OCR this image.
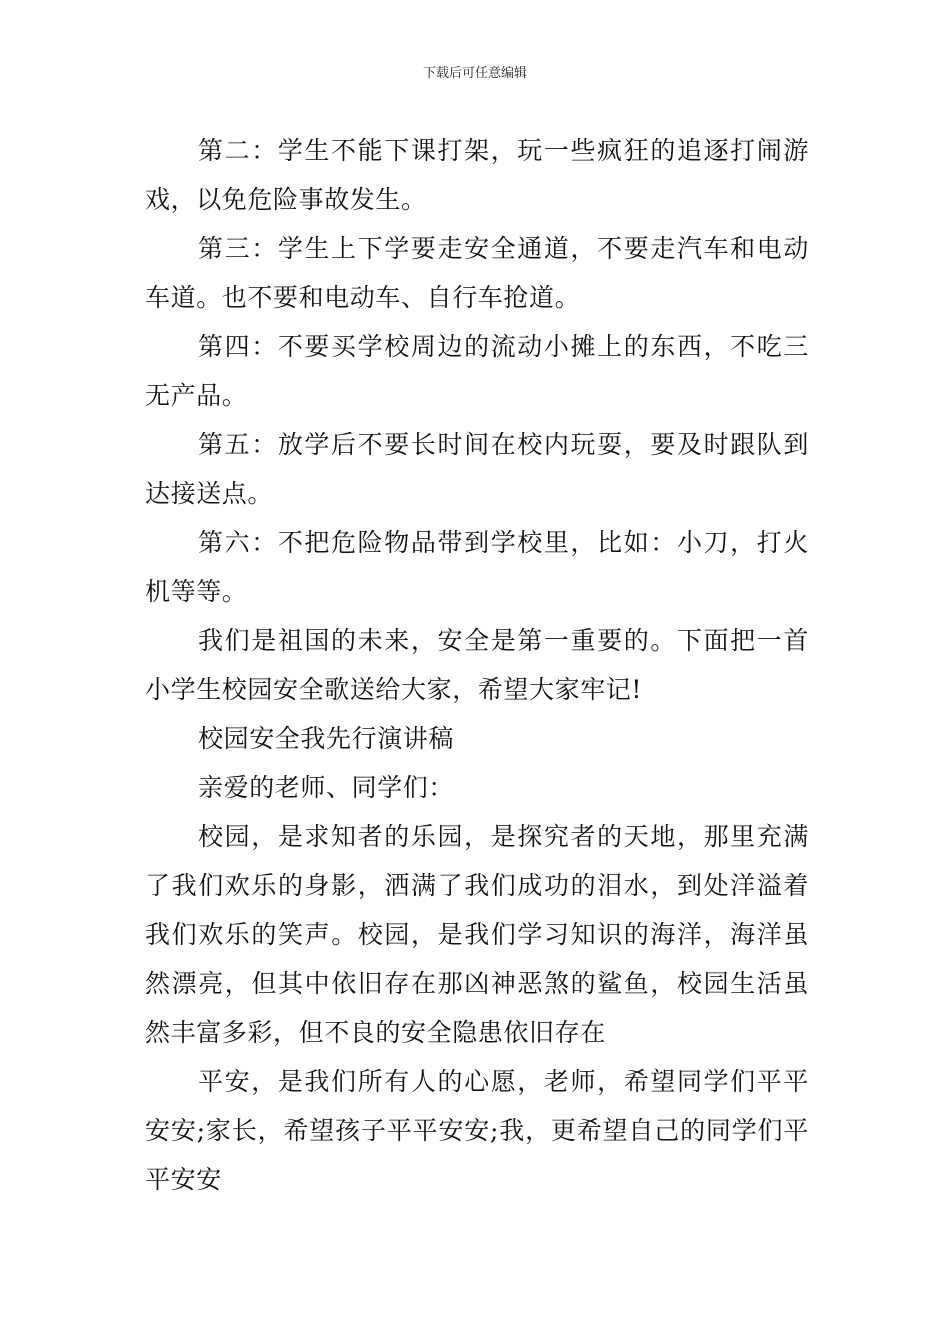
下载后可任意编辑

第二：学生不能下课打架，玩一些疯狂的追逐打闹游戏，以免危险事故发生。

第三：学生上下学要走安全通道，不要走汽车和电动车道。也不要和电动车、自行车抢道。

第四：不要买学校周边的流动小摊上的东西，不吃三无产品。

第五：放学后不要长时间在校内玩耍，要及时跟队到达接送点。

第六：不把危险物品带到学校里，比如：小刀，打火机等等。

我们是祖国的未来，安全是第一重要的。下面把一首小学生校园安全歌送给大家，希望大家牢记!

校园安全我先行演讲稿

亲爱的老师、同学们：

校园，是求知者的乐园，是探究者的天地，那里充满了我们欢乐的身影，洒满了我们成功的泪水，到处洋溢着我们欢乐的笑声。校园，是我们学习知识的海洋，海洋虽然漂亮，但其中依旧存在那凶神恶煞的鲨鱼，校园生活虽然丰富多彩，但不良的安全隐患依旧存在

平安，是我们所有人的心愿，老师，希望同学们平平安安;家长，希望孩子平平安安;我，更希望自己的同学们平平安安
